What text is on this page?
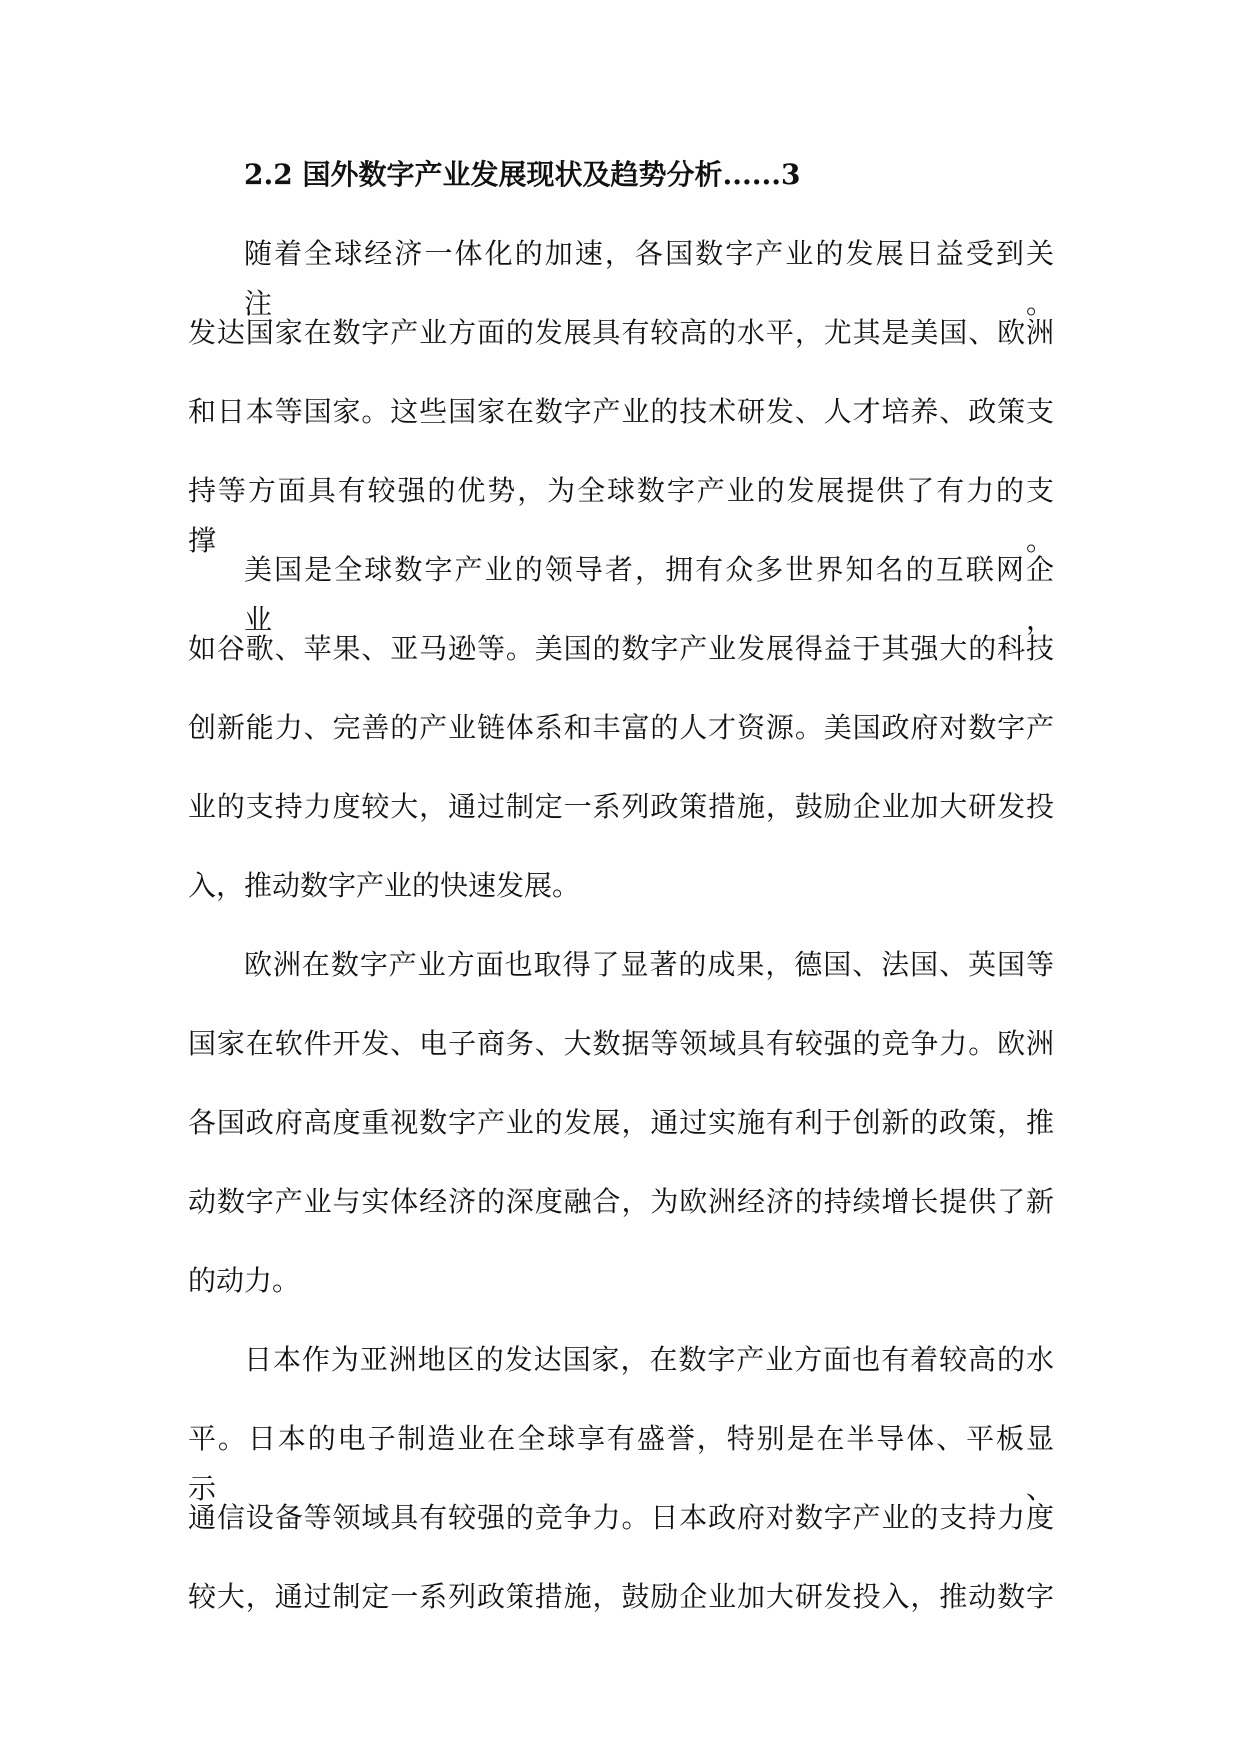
2.2 国外数字产业发展现状及趋势分析......3
随着全球经济一体化的加速，各国数字产业的发展日益受到关注。
发达国家在数字产业方面的发展具有较高的水平，尤其是美国、欧洲
和日本等国家。这些国家在数字产业的技术研发、人才培养、政策支
持等方面具有较强的优势，为全球数字产业的发展提供了有力的支撑。
美国是全球数字产业的领导者，拥有众多世界知名的互联网企业，
如谷歌、苹果、亚马逊等。美国的数字产业发展得益于其强大的科技
创新能力、完善的产业链体系和丰富的人才资源。美国政府对数字产
业的支持力度较大，通过制定一系列政策措施，鼓励企业加大研发投
入，推动数字产业的快速发展。
欧洲在数字产业方面也取得了显著的成果，德国、法国、英国等
国家在软件开发、电子商务、大数据等领域具有较强的竞争力。欧洲
各国政府高度重视数字产业的发展，通过实施有利于创新的政策，推
动数字产业与实体经济的深度融合，为欧洲经济的持续增长提供了新
的动力。
日本作为亚洲地区的发达国家，在数字产业方面也有着较高的水
平。日本的电子制造业在全球享有盛誉，特别是在半导体、平板显示、
通信设备等领域具有较强的竞争力。日本政府对数字产业的支持力度
较大，通过制定一系列政策措施，鼓励企业加大研发投入，推动数字
